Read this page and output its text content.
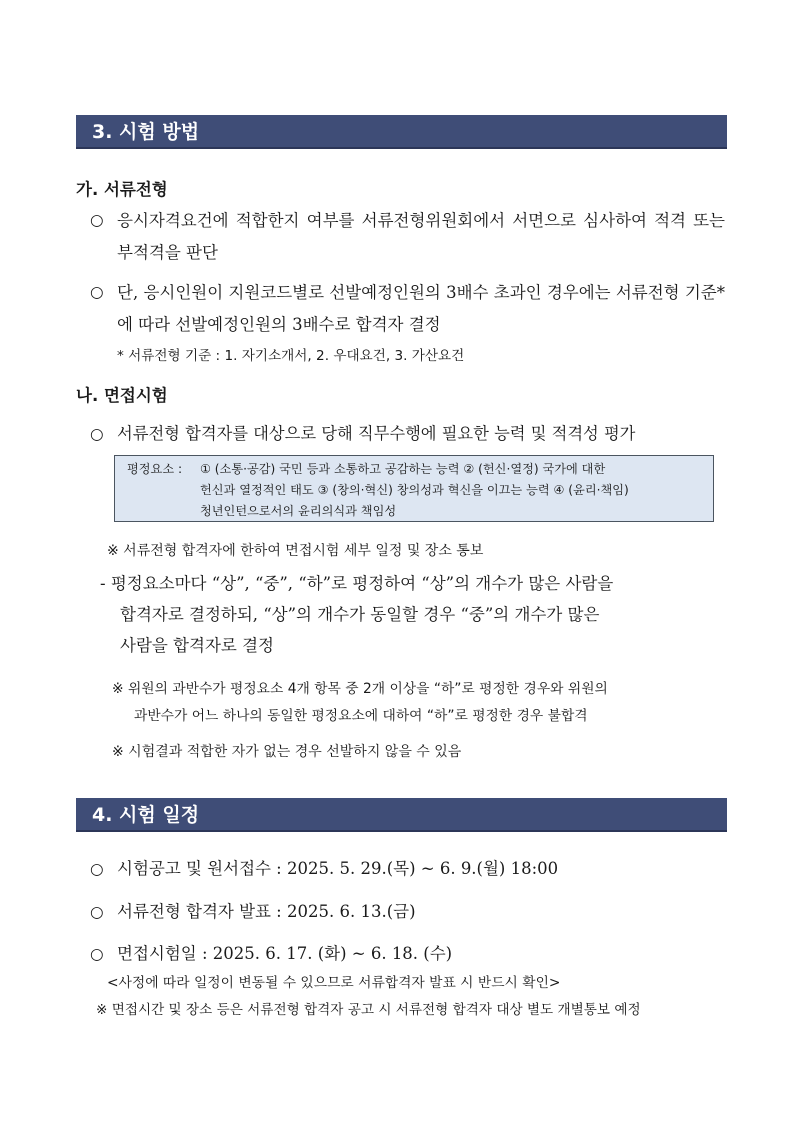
3. 시험 방법
가. 서류전형
○ 응시자격요건에 적합한지 여부를 서류전형위원회에서 서면으로 심사하여 적격 또는 부적격을 판단
○ 단, 응시인원이 지원코드별로 선발예정인원의 3배수 초과인 경우에는 서류전형 기준*에 따라 선발예정인원의 3배수로 합격자 결정
* 서류전형 기준 : 1. 자기소개서, 2. 우대요건, 3. 가산요건
나. 면접시험
○ 서류전형 합격자를 대상으로 당해 직무수행에 필요한 능력 및 적격성 평가
평정요소 : ① (소통·공감) 국민 등과 소통하고 공감하는 능력 ② (헌신·열정) 국가에 대한
헌신과 열정적인 태도 ③ (창의·혁신) 창의성과 혁신을 이끄는 능력 ④ (윤리·책임)
청년인턴으로서의 윤리의식과 책임성
※ 서류전형 합격자에 한하여 면접시험 세부 일정 및 장소 통보
- 평정요소마다 “상”, “중”, “하”로 평정하여 “상”의 개수가 많은 사람을
합격자로 결정하되, “상”의 개수가 동일할 경우 “중”의 개수가 많은
사람을 합격자로 결정
※ 위원의 과반수가 평정요소 4개 항목 중 2개 이상을 “하”로 평정한 경우와 위원의
과반수가 어느 하나의 동일한 평정요소에 대하여 “하”로 평정한 경우 불합격
※ 시험결과 적합한 자가 없는 경우 선발하지 않을 수 있음
4. 시험 일정
○ 시험공고 및 원서접수 : 2025. 5. 29.(목) ~ 6. 9.(월) 18:00
○ 서류전형 합격자 발표 : 2025. 6. 13.(금)
○ 면접시험일 : 2025. 6. 17. (화) ~ 6. 18. (수)
<사정에 따라 일정이 변동될 수 있으므로 서류합격자 발표 시 반드시 확인>
※ 면접시간 및 장소 등은 서류전형 합격자 공고 시 서류전형 합격자 대상 별도 개별통보 예정
